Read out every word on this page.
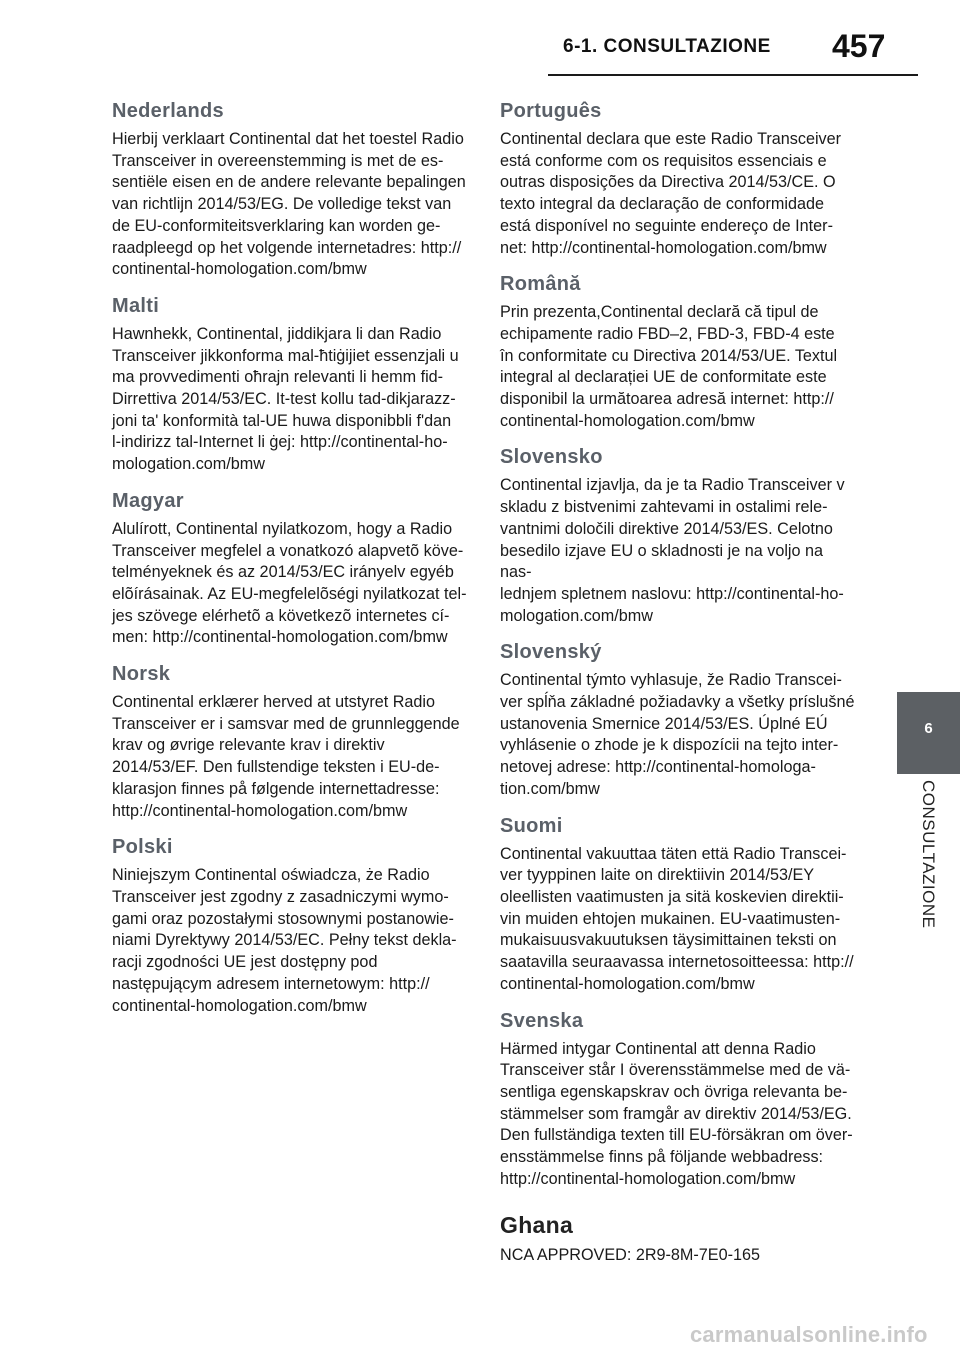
6-1. CONSULTAZIONE 457
Nederlands

Hierbij verklaart Continental dat het toestel Radio
Transceiver in overeenstemming is met de es-
sentiële eisen en de andere relevante bepalingen
van richtlijn 2014/53/EG. De volledige tekst van
de EU-conformiteitsverklaring kan worden ge-
raadpleegd op het volgende internetadres: http://
continental-homologation.com/bmw

Malti

Hawnhekk, Continental, jiddikjara li dan Radio
Transceiver jikkonforma mal-ħtiġijiet essenzjali u
ma provvedimenti oħrajn relevanti li hemm fid-
Dirrettiva 2014/53/EC. It-test kollu tad-dikjarazz-
joni ta' konformità tal-UE huwa disponibbli f'dan
l-indirizz tal-Internet li ġej: http://continental-ho-
mologation.com/bmw

Magyar

Alulírott, Continental nyilatkozom, hogy a Radio
Transceiver megfelel a vonatkozó alapvetõ köve-
telményeknek és az 2014/53/EC irányelv egyéb
elõírásainak. Az EU-megfelelõségi nyilatkozat tel-
jes szövege elérhetõ a következõ internetes cí-
men: http://continental-homologation.com/bmw

Norsk

Continental erklærer herved at utstyret Radio
Transceiver er i samsvar med de grunnleggende
krav og øvrige relevante krav i direktiv
2014/53/EF. Den fullstendige teksten i EU-de-
klarasjon finnes på følgende internettadresse:
http://continental-homologation.com/bmw

Polski

Niniejszym Continental oświadcza, że Radio
Transceiver jest zgodny z zasadniczymi wymo-
gami oraz pozostałymi stosownymi postanowie-
niami Dyrektywy 2014/53/EC. Pełny tekst dekla-
racji zgodności UE jest dostępny pod
następującym adresem internetowym: http://
continental-homologation.com/bmw

Português

Continental declara que este Radio Transceiver
está conforme com os requisitos essenciais e
outras disposições da Directiva 2014/53/CE. O
texto integral da declaração de conformidade
está disponível no seguinte endereço de Inter-
net: http://continental-homologation.com/bmw

Română

Prin prezenta,Continental declară că tipul de
echipamente radio FBD–2, FBD-3, FBD-4 este
în conformitate cu Directiva 2014/53/UE. Textul
integral al declarației UE de conformitate este
disponibil la următoarea adresă internet: http://
continental-homologation.com/bmw

Slovensko

Continental izjavlja, da je ta Radio Transceiver v
skladu z bistvenimi zahtevami in ostalimi rele-
vantnimi določili direktive 2014/53/ES. Celotno
besedilo izjave EU o skladnosti je na voljo na nas-
lednjem spletnem naslovu: http://continental-ho-
mologation.com/bmw

Slovenský

Continental týmto vyhlasuje, že Radio Transcei-
ver spĺňa základné požiadavky a všetky príslušné
ustanovenia Smernice 2014/53/ES. Úplné EÚ
vyhlásenie o zhode je k dispozícii na tejto inter-
netovej adrese: http://continental-homologa-
tion.com/bmw

Suomi

Continental vakuuttaa täten että Radio Transcei-
ver tyyppinen laite on direktiivin 2014/53/EY
oleellisten vaatimusten ja sitä koskevien direktii-
vin muiden ehtojen mukainen. EU-vaatimusten-
mukaisuusvakuutuksen täysimittainen teksti on
saatavilla seuraavassa internetosoitteessa: http://
continental-homologation.com/bmw

Svenska

Härmed intygar Continental att denna Radio
Transceiver står I överensstämmelse med de vä-
sentliga egenskapskrav och övriga relevanta be-
stämmelser som framgår av direktiv 2014/53/EG.
Den fullständiga texten till EU-försäkran om över-
ensstämmelse finns på följande webbadress:
http://continental-homologation.com/bmw

Ghana

NCA APPROVED: 2R9-8M-7E0-165

6
CONSULTAZIONE
carmanualsonline.info
